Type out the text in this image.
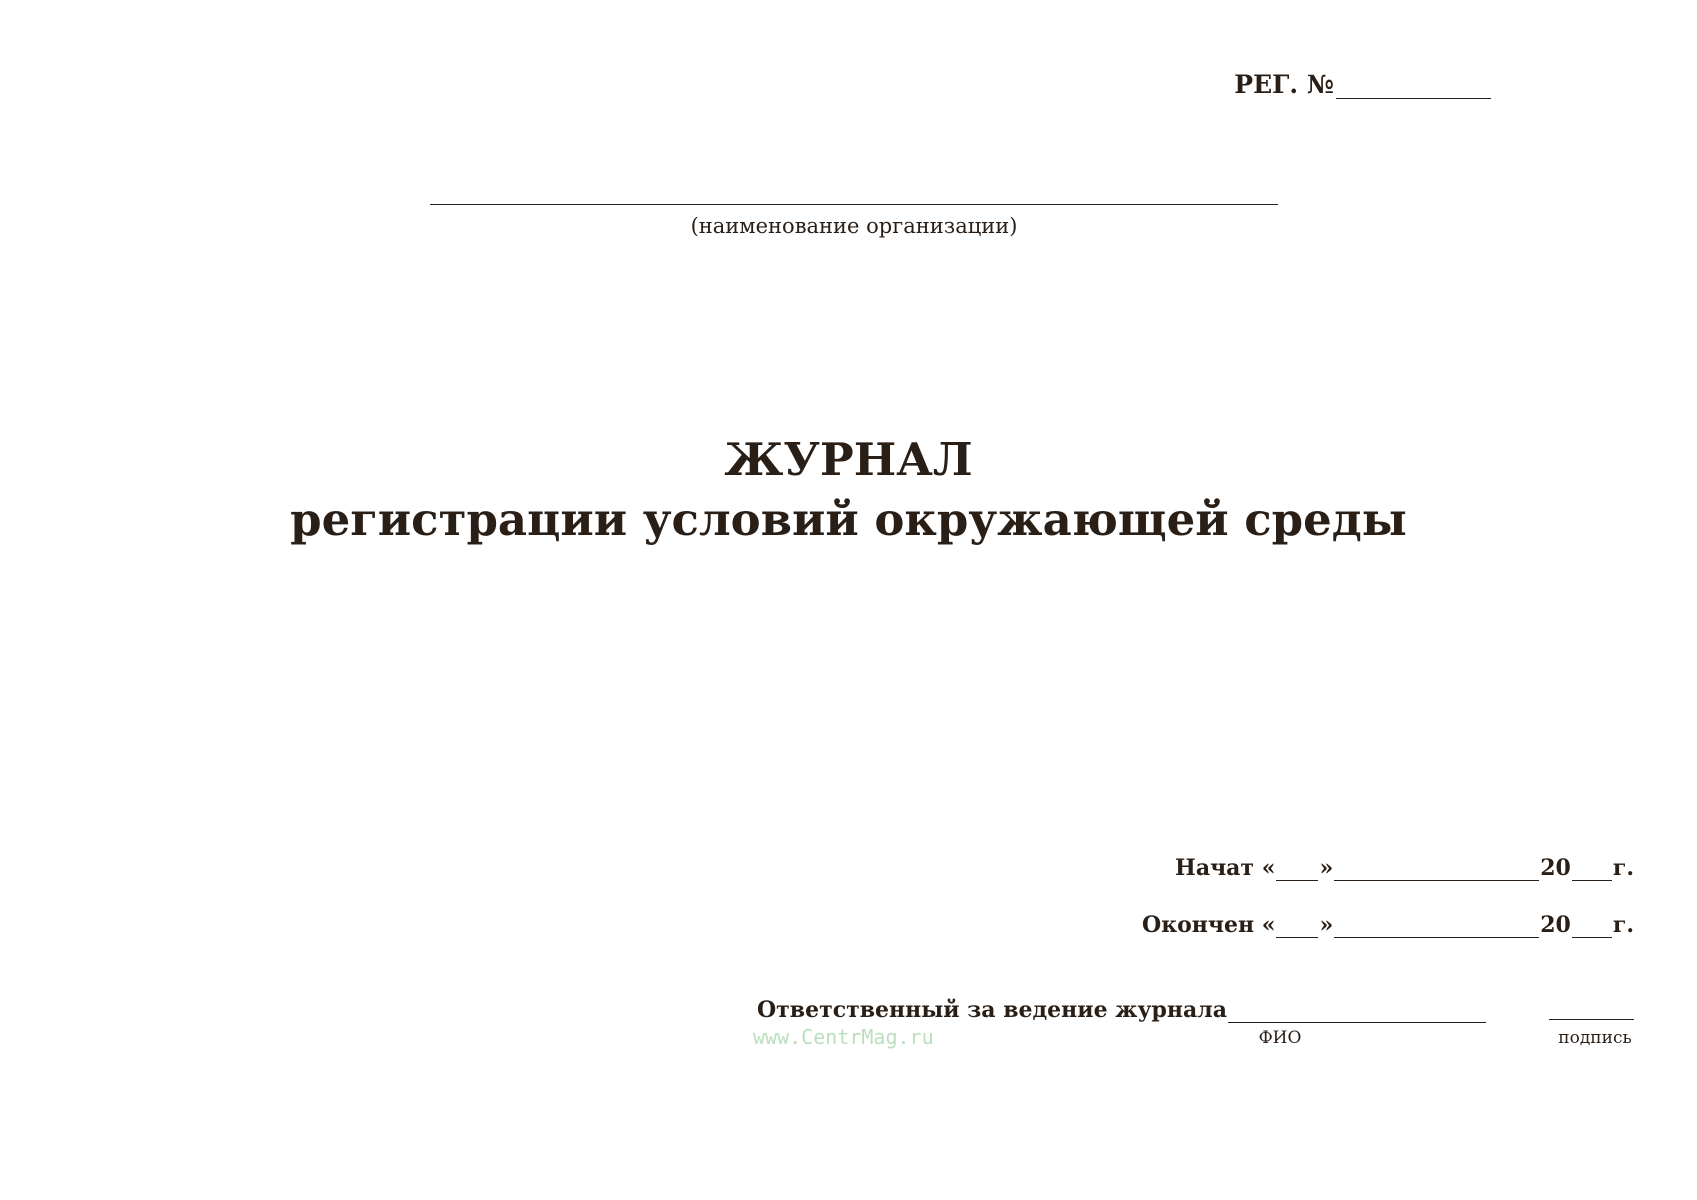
РЕГ. №
(наименование организации)
ЖУРНАЛ
регистрации условий окружающей среды
Начат « »	20 г.
Окончен « »	20 г.
Ответственный за ведение журнала
ФИО	подпись
www.CentrMag.ru
